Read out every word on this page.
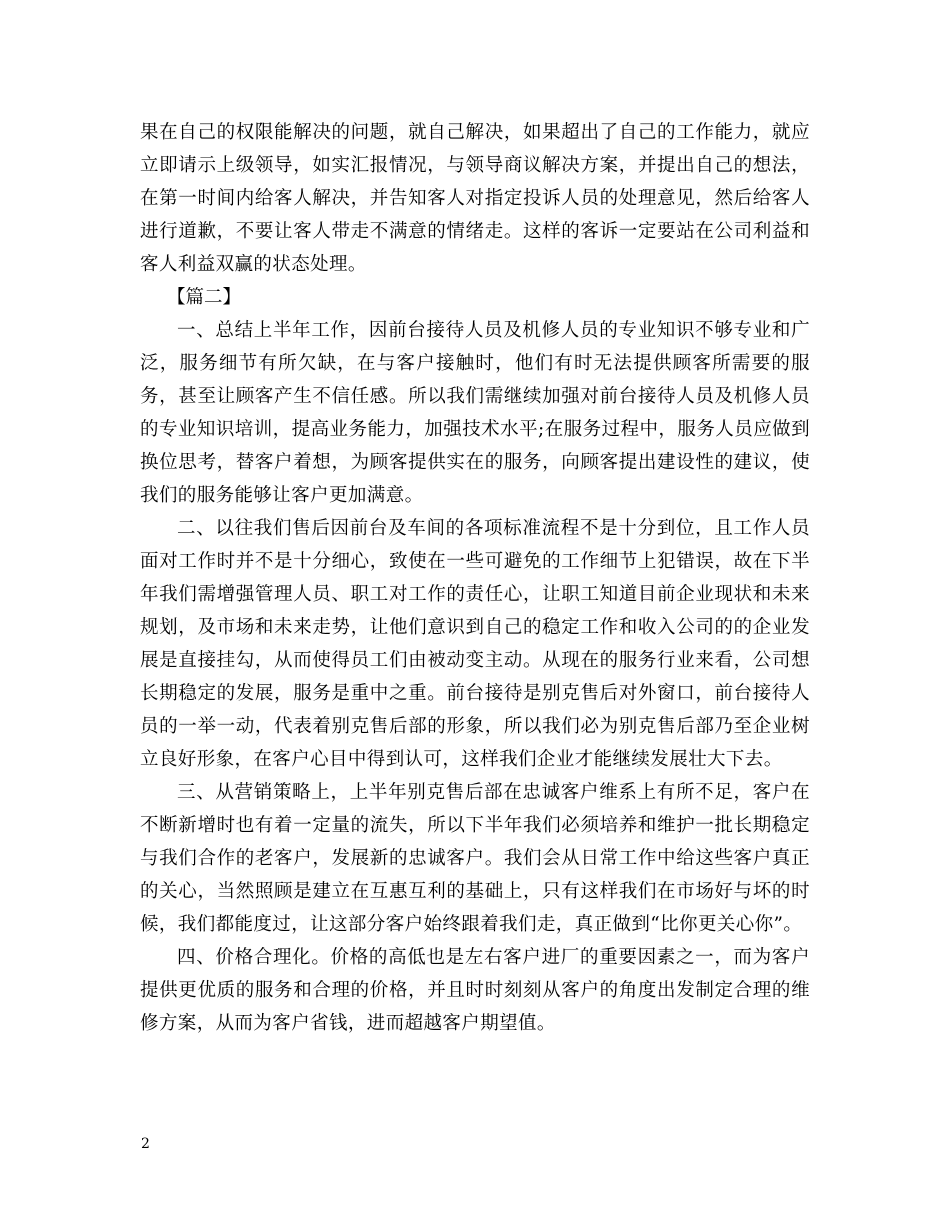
果在自己的权限能解决的问题，就自己解决，如果超出了自己的工作能力，就应立即请示上级领导，如实汇报情况，与领导商议解决方案，并提出自己的想法，在第一时间内给客人解决，并告知客人对指定投诉人员的处理意见，然后给客人进行道歉，不要让客人带走不满意的情绪走。这样的客诉一定要站在公司利益和客人利益双赢的状态处理。

【篇二】

一、总结上半年工作，因前台接待人员及机修人员的专业知识不够专业和广泛，服务细节有所欠缺，在与客户接触时，他们有时无法提供顾客所需要的服务，甚至让顾客产生不信任感。所以我们需继续加强对前台接待人员及机修人员的专业知识培训，提高业务能力，加强技术水平;在服务过程中，服务人员应做到换位思考，替客户着想，为顾客提供实在的服务，向顾客提出建设性的建议，使我们的服务能够让客户更加满意。

二、以往我们售后因前台及车间的各项标准流程不是十分到位，且工作人员面对工作时并不是十分细心，致使在一些可避免的工作细节上犯错误，故在下半年我们需增强管理人员、职工对工作的责任心，让职工知道目前企业现状和未来规划，及市场和未来走势，让他们意识到自己的稳定工作和收入公司的的企业发展是直接挂勾，从而使得员工们由被动变主动。从现在的服务行业来看，公司想长期稳定的发展，服务是重中之重。前台接待是别克售后对外窗口，前台接待人员的一举一动，代表着别克售后部的形象，所以我们必为别克售后部乃至企业树立良好形象，在客户心目中得到认可，这样我们企业才能继续发展壮大下去。

三、从营销策略上，上半年别克售后部在忠诚客户维系上有所不足，客户在不断新增时也有着一定量的流失，所以下半年我们必须培养和维护一批长期稳定与我们合作的老客户，发展新的忠诚客户。我们会从日常工作中给这些客户真正的关心，当然照顾是建立在互惠互利的基础上，只有这样我们在市场好与坏的时候，我们都能度过，让这部分客户始终跟着我们走，真正做到“比你更关心你”。

四、价格合理化。价格的高低也是左右客户进厂的重要因素之一，而为客户提供更优质的服务和合理的价格，并且时时刻刻从客户的角度出发制定合理的维修方案，从而为客户省钱，进而超越客户期望值。

2
